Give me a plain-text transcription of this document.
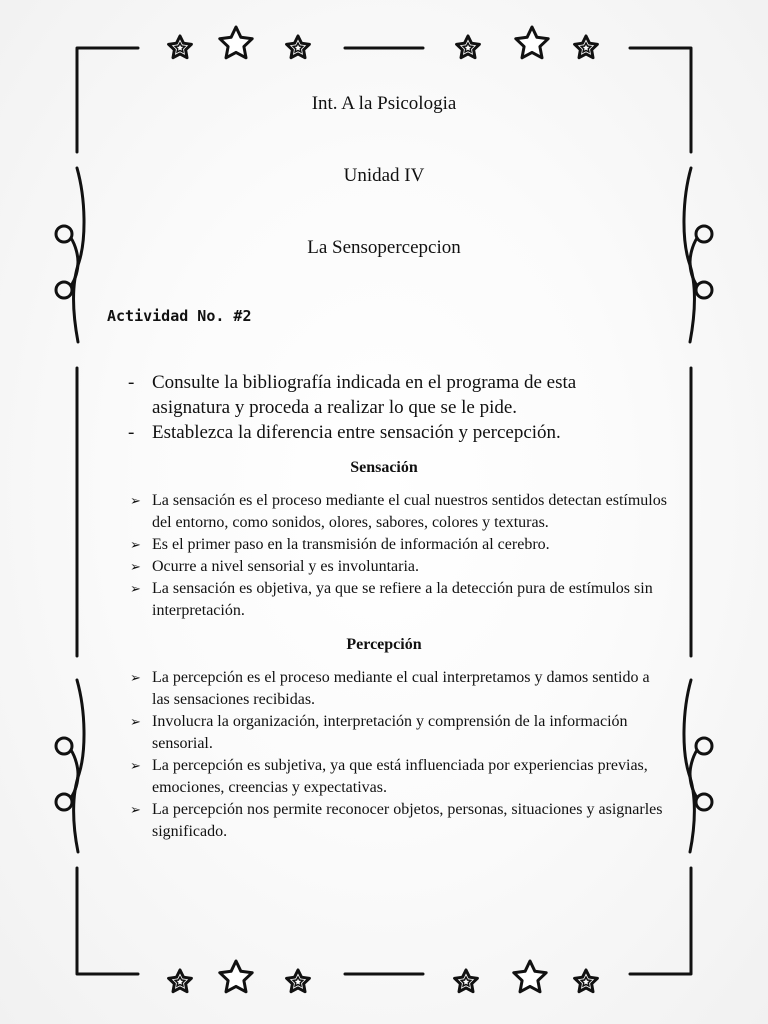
Int. A la Psicologia
Unidad IV
La Sensopercepcion

Actividad No. #2

- Consulte la bibliografía indicada en el programa de esta asignatura y proceda a realizar lo que se le pide.
- Establezca la diferencia entre sensación y percepción.
Sensación
➢ La sensación es el proceso mediante el cual nuestros sentidos detectan estímulos del entorno, como sonidos, olores, sabores, colores y texturas.
➢ Es el primer paso en la transmisión de información al cerebro.
➢ Ocurre a nivel sensorial y es involuntaria.
➢ La sensación es objetiva, ya que se refiere a la detección pura de estímulos sin interpretación.
Percepción
➢ La percepción es el proceso mediante el cual interpretamos y damos sentido a las sensaciones recibidas.
➢ Involucra la organización, interpretación y comprensión de la información sensorial.
➢ La percepción es subjetiva, ya que está influenciada por experiencias previas, emociones, creencias y expectativas.
➢ La percepción nos permite reconocer objetos, personas, situaciones y asignarles significado.
